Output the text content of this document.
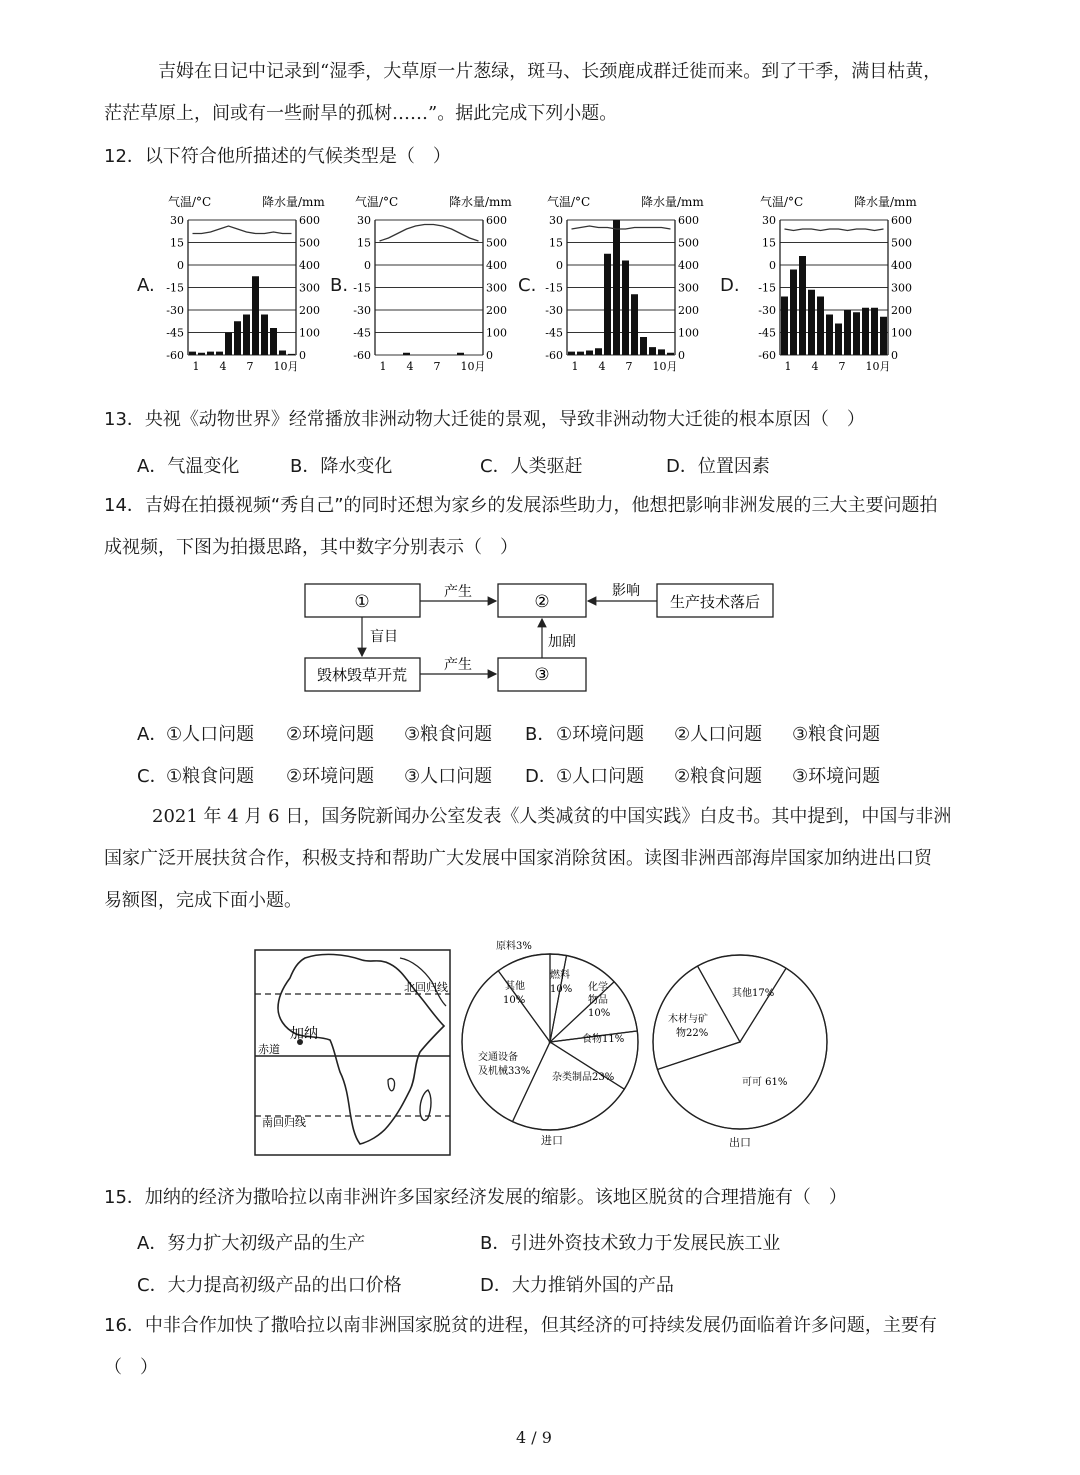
吉姆在日记中记录到“湿季，大草原一片葱绿，斑马、长颈鹿成群迁徙而来。到了干季，满目枯黄，
茫茫草原上，间或有一些耐旱的孤树……”。据此完成下列小题。
12．以下符合他所描述的气候类型是（　）
A.	B.	C.	D.
气温/°C	降水量/mm
30	600
15	500
0	400
-15	300
-30	200
-45	100
-60	0
1 4 7 10月
气温/°C	降水量/mm
30	600
15	500
0	400
-15	300
-30	200
-45	100
-60	0
1 4 7 10月
气温/°C	降水量/mm
30	600
15	500
0	400
-15	300
-30	200
-45	100
-60	0
1 4 7 10月
气温/°C	降水量/mm
30	600
15	500
0	400
-15	300
-30	200
-45	100
-60	0
1 4 7 10月
13．央视《动物世界》经常播放非洲动物大迁徙的景观，导致非洲动物大迁徙的根本原因（　）
A．气温变化	B．降水变化	C．人类驱赶	D．位置因素
14．吉姆在拍摄视频“秀自己”的同时还想为家乡的发展添些助力，他想把影响非洲发展的三大主要问题拍
成视频，下图为拍摄思路，其中数字分别表示（　）
①	②	生产技术落后
毁林毁草开荒	③
产生	影响
盲目
产生
加剧
A．
①人口问题 ②环境问题 ③粮食问题 B． ①环境问题 ②人口问题 ③粮食问题
C．
①粮食问题 ②环境问题 ③人口问题 D． ①人口问题 ②粮食问题 ③环境问题
2021 年 4 月 6 日，国务院新闻办公室发表《人类减贫的中国实践》白皮书。其中提到，中国与非洲
国家广泛开展扶贫合作，积极支持和帮助广大发展中国家消除贫困。读图非洲西部海岸国家加纳进出口贸
易额图，完成下面小题。
北回归线
赤道
南回归线
加纳
原料3%
燃料
10% 化学
物品
10%
食物11%
杂类制品23%
交通设备
及机械33%
其他
10%
进口
其他17%
木材与矿
物22%
可可 61%
出口
15．加纳的经济为撒哈拉以南非洲许多国家经济发展的缩影。该地区脱贫的合理措施有（　）
A．努力扩大初级产品的生产	B．引进外资技术致力于发展民族工业
C．大力提高初级产品的出口价格	D．大力推销外国的产品
16．中非合作加快了撒哈拉以南非洲国家脱贫的进程，但其经济的可持续发展仍面临着许多问题，主要有
（　）
4 / 9
